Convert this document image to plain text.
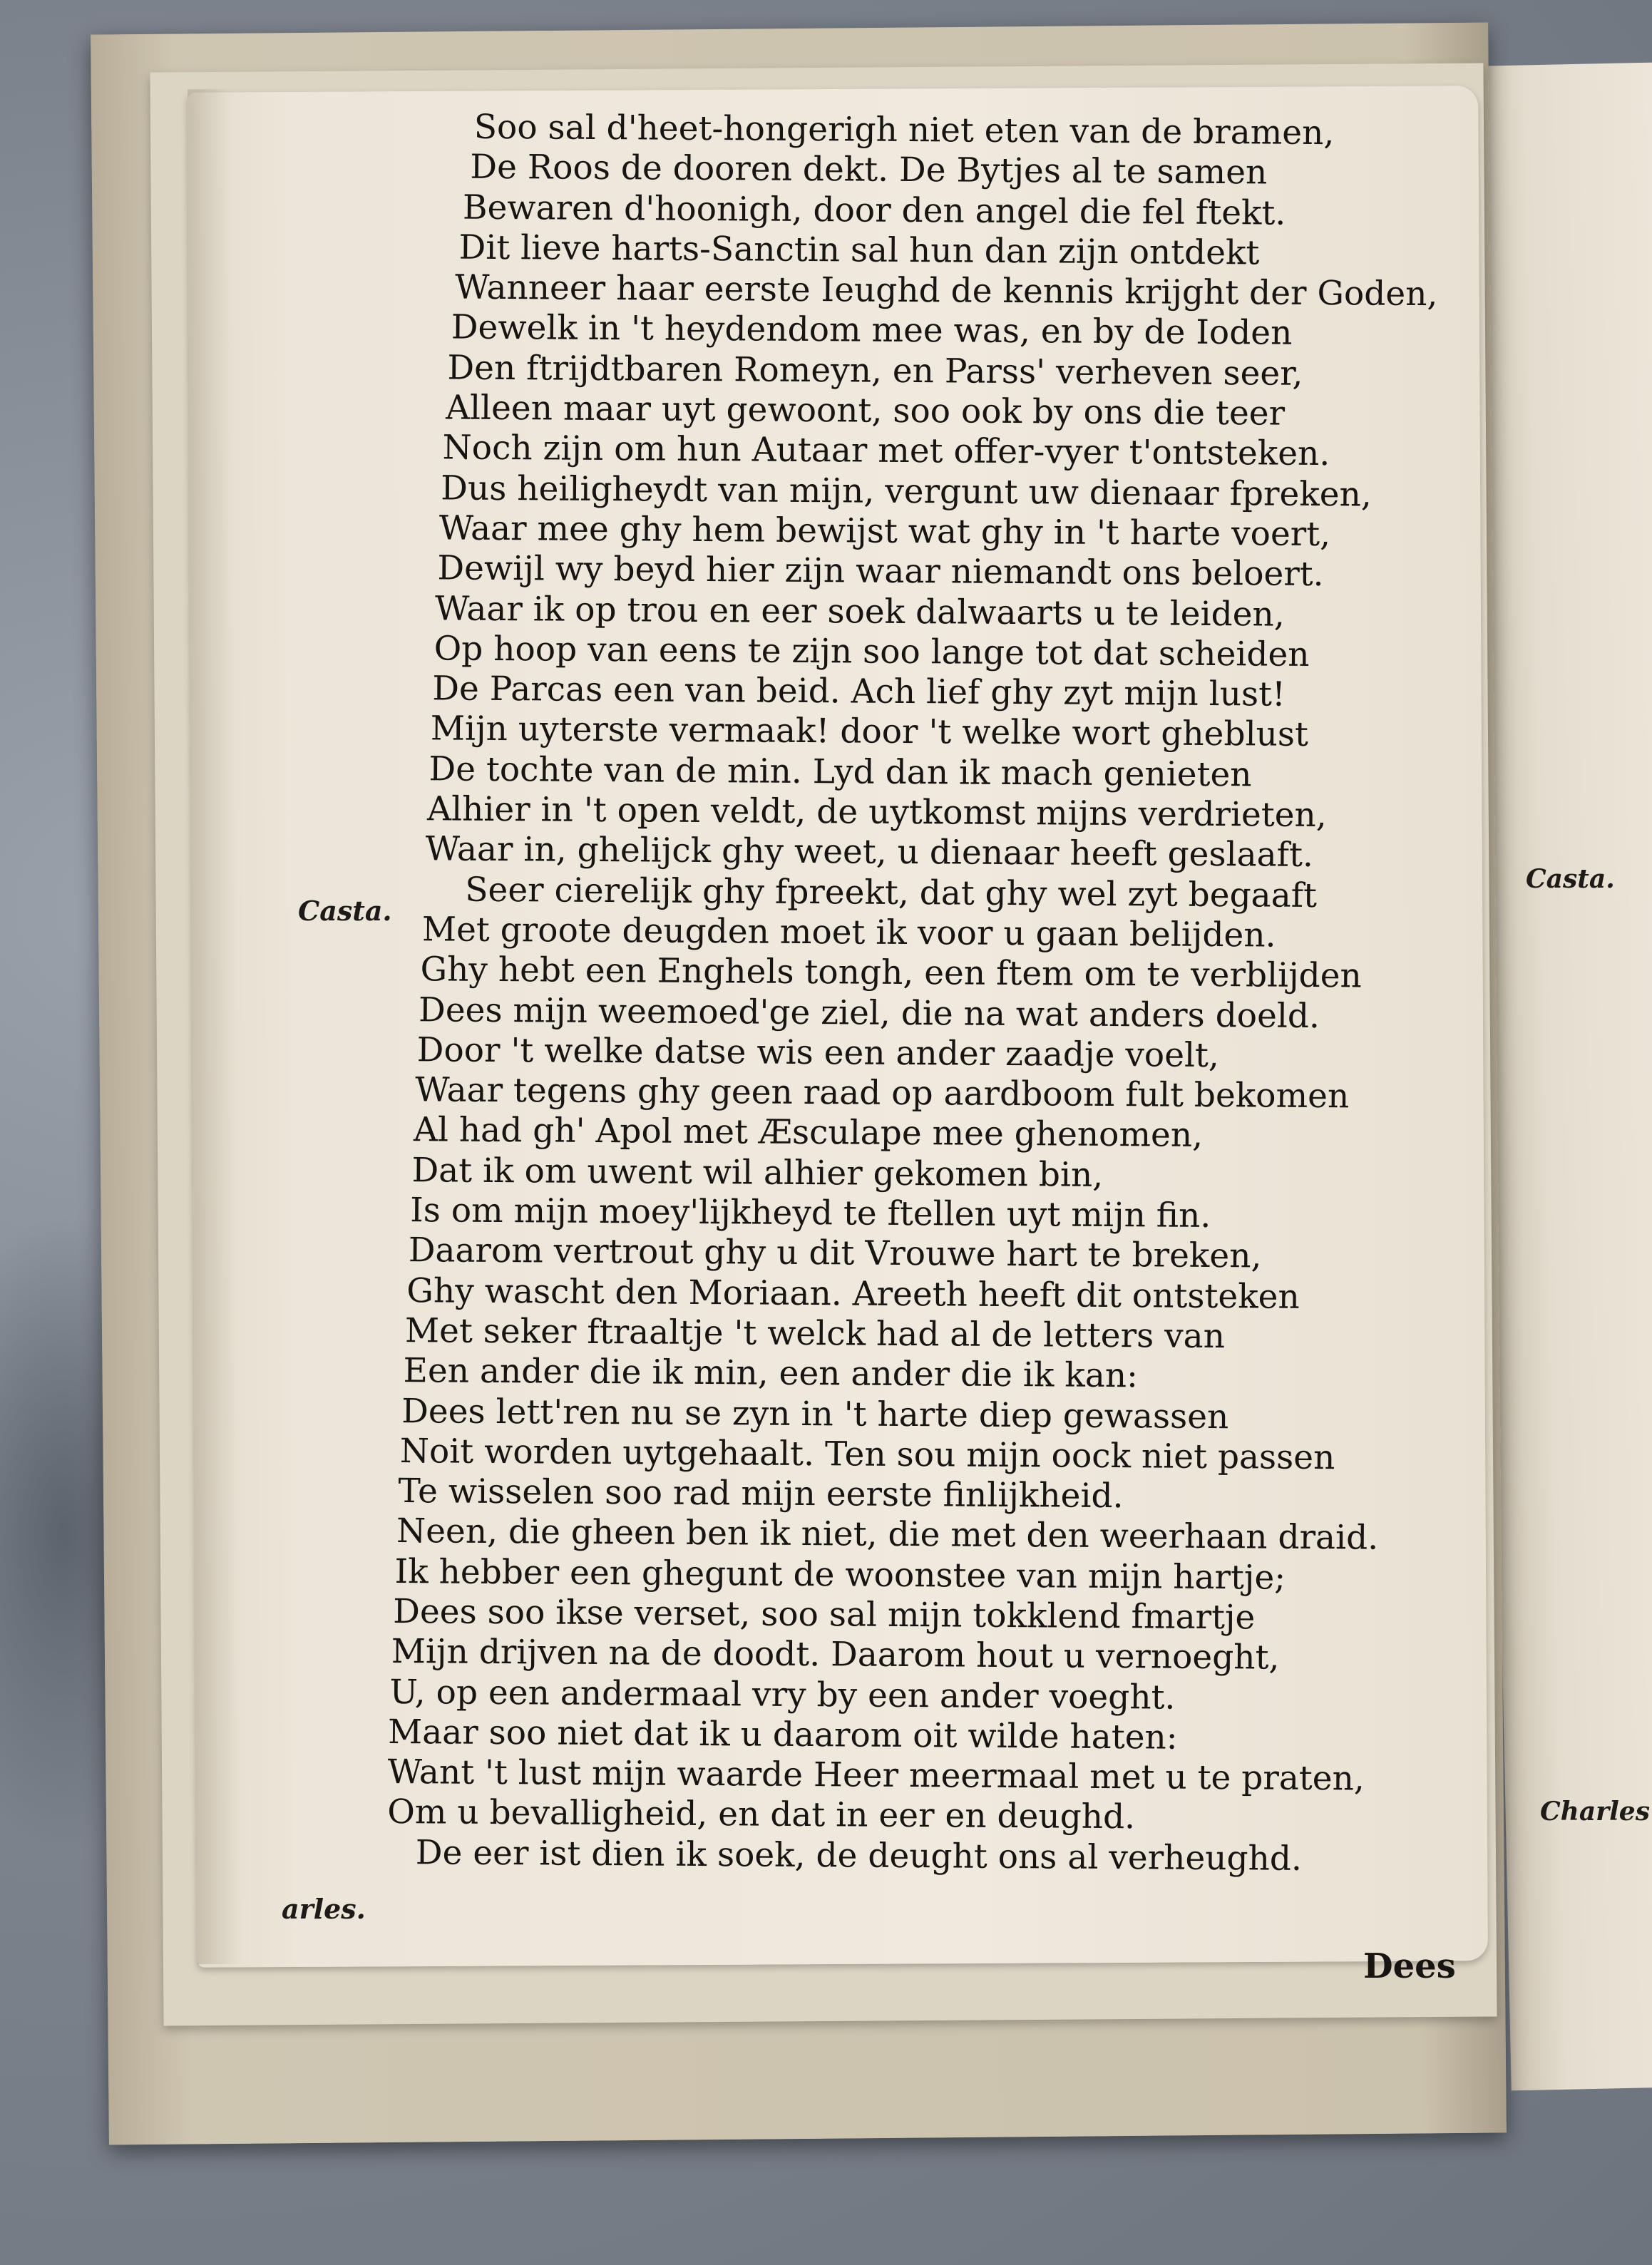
Casta.
Charles
Casta.
arles.
Soo sal d'heet-hongerigh niet eten van de bramen,
De Roos de dooren dekt. De Bytjes al te samen
Bewaren d'hoonigh, door den angel die fel ftekt.
Dit lieve harts-Sanctin sal hun dan zijn ontdekt
Wanneer haar eerste Ieughd de kennis krijght der Goden,
Dewelk in 't heydendom mee was, en by de Ioden
Den ftrijdtbaren Romeyn, en Parss' verheven seer,
Alleen maar uyt gewoont, soo ook by ons die teer
Noch zijn om hun Autaar met offer-vyer t'ontsteken.
Dus heiligheydt van mijn, vergunt uw dienaar fpreken,
Waar mee ghy hem bewijst wat ghy in 't harte voert,
Dewijl wy beyd hier zijn waar niemandt ons beloert.
Waar ik op trou en eer soek dalwaarts u te leiden,
Op hoop van eens te zijn soo lange tot dat scheiden
De Parcas een van beid. Ach lief ghy zyt mijn lust!
Mijn uyterste vermaak! door 't welke wort gheblust
De tochte van de min. Lyd dan ik mach genieten
Alhier in 't open veldt, de uytkomst mijns verdrieten,
Waar in, ghelijck ghy weet, u dienaar heeft geslaaft.
Seer cierelijk ghy fpreekt, dat ghy wel zyt begaaft
Met groote deugden moet ik voor u gaan belijden.
Ghy hebt een Enghels tongh, een ftem om te verblijden
Dees mijn weemoed'ge ziel, die na wat anders doeld.
Door 't welke datse wis een ander zaadje voelt,
Waar tegens ghy geen raad op aardboom fult bekomen
Al had gh' Apol met Æsculape mee ghenomen,
Dat ik om uwent wil alhier gekomen bin,
Is om mijn moey'lijkheyd te ftellen uyt mijn fin.
Daarom vertrout ghy u dit Vrouwe hart te breken,
Ghy wascht den Moriaan. Areeth heeft dit ontsteken
Met seker ftraaltje 't welck had al de letters van
Een ander die ik min, een ander die ik kan:
Dees lett'ren nu se zyn in 't harte diep gewassen
Noit worden uytgehaalt. Ten sou mijn oock niet passen
Te wisselen soo rad mijn eerste finlijkheid.
Neen, die gheen ben ik niet, die met den weerhaan draid.
Ik hebber een ghegunt de woonstee van mijn hartje;
Dees soo ikse verset, soo sal mijn tokklend fmartje
Mijn drijven na de doodt. Daarom hout u vernoeght,
U, op een andermaal vry by een ander voeght.
Maar soo niet dat ik u daarom oit wilde haten:
Want 't lust mijn waarde Heer meermaal met u te praten,
Om u bevalligheid, en dat in eer en deughd.
De eer ist dien ik soek, de deught ons al verheughd.
Dees
